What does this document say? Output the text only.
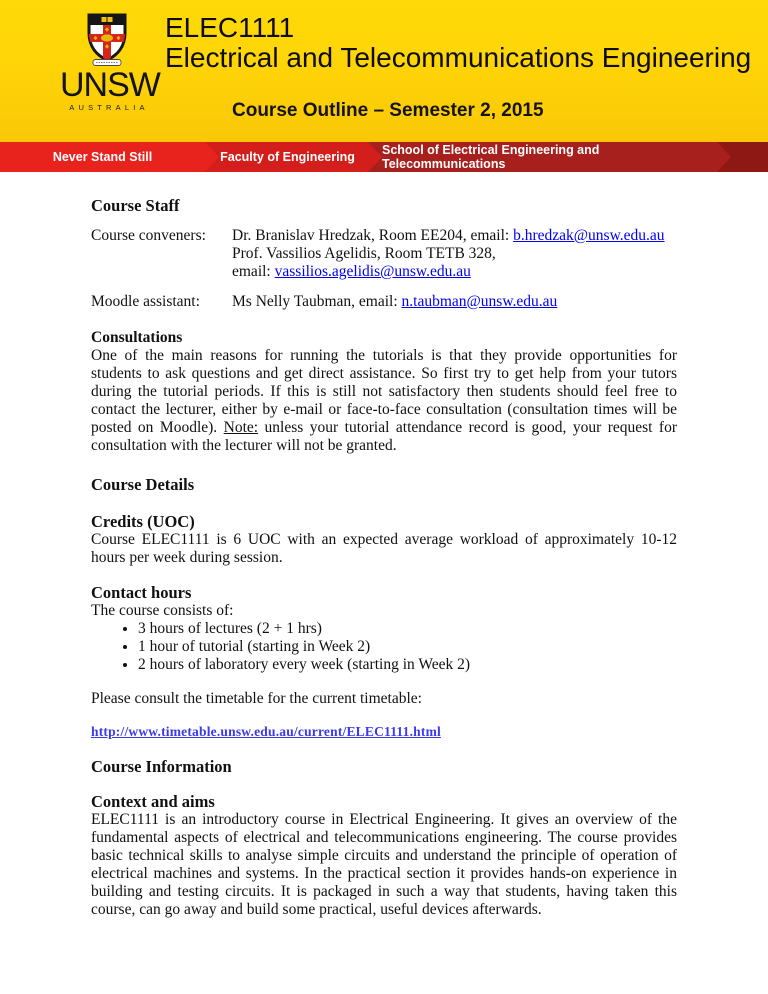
UNSW
AUSTRALIA
ELEC1111
Electrical and Telecommunications Engineering
Course Outline – Semester 2, 2015
Never Stand Still	Faculty of Engineering	School of Electrical Engineering and Telecommunications
Course Staff
Course conveners:	Dr. Branislav Hredzak, Room EE204, email: b.hredzak@unsw.edu.au
Prof. Vassilios Agelidis, Room TETB 328,
email: vassilios.agelidis@unsw.edu.au
Moodle assistant:	Ms Nelly Taubman, email: n.taubman@unsw.edu.au
Consultations

One of the main reasons for running the tutorials is that they provide opportunities for students to ask questions and get direct assistance. So first try to get help from your tutors during the tutorial periods. If this is still not satisfactory then students should feel free to contact the lecturer, either by e-mail or face-to-face consultation (consultation times will be posted on Moodle). Note: unless your tutorial attendance record is good, your request for consultation with the lecturer will not be granted.

Course Details
Credits (UOC)

Course ELEC1111 is 6 UOC with an expected average workload of approximately 10-12 hours per week during session.

Contact hours
The course consists of:
• 3 hours of lectures (2 + 1 hrs)
• 1 hour of tutorial (starting in Week 2)
• 2 hours of laboratory every week (starting in Week 2)
Please consult the timetable for the current timetable:
http://www.timetable.unsw.edu.au/current/ELEC1111.html
Course Information
Context and aims

ELEC1111 is an introductory course in Electrical Engineering. It gives an overview of the fundamental aspects of electrical and telecommunications engineering. The course provides basic technical skills to analyse simple circuits and understand the principle of operation of electrical machines and systems. In the practical section it provides hands-on experience in building and testing circuits. It is packaged in such a way that students, having taken this course, can go away and build some practical, useful devices afterwards.
